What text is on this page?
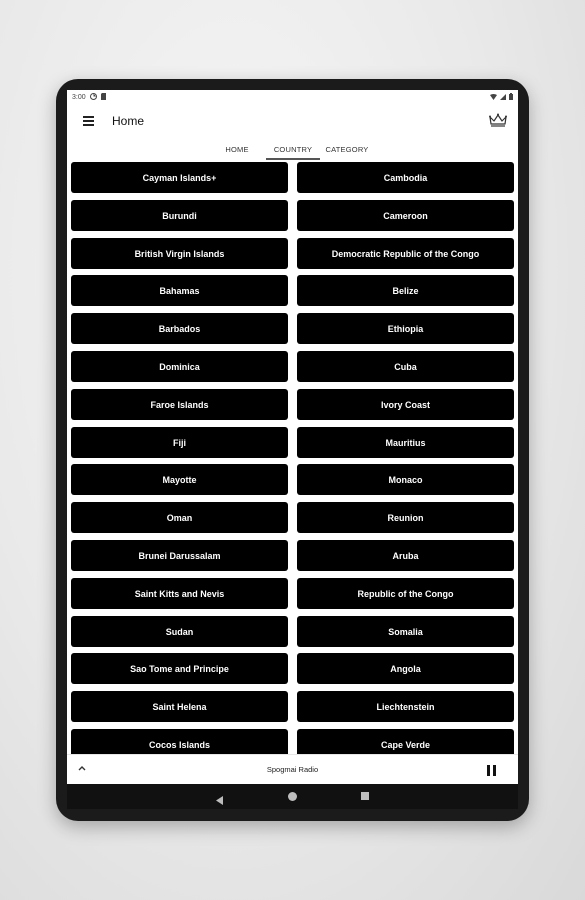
3:00
Home
HOME	COUNTRY	CATEGORY
Cayman Islands+	Cambodia
Burundi	Cameroon
British Virgin Islands	Democratic Republic of the Congo
Bahamas	Belize
Barbados	Ethiopia
Dominica	Cuba
Faroe Islands	Ivory Coast
Fiji	Mauritius
Mayotte	Monaco
Oman	Reunion
Brunei Darussalam	Aruba
Saint Kitts and Nevis	Republic of the Congo
Sudan	Somalia
Sao Tome and Principe	Angola
Saint Helena	Liechtenstein
Cocos Islands	Cape Verde
Spogmai Radio
